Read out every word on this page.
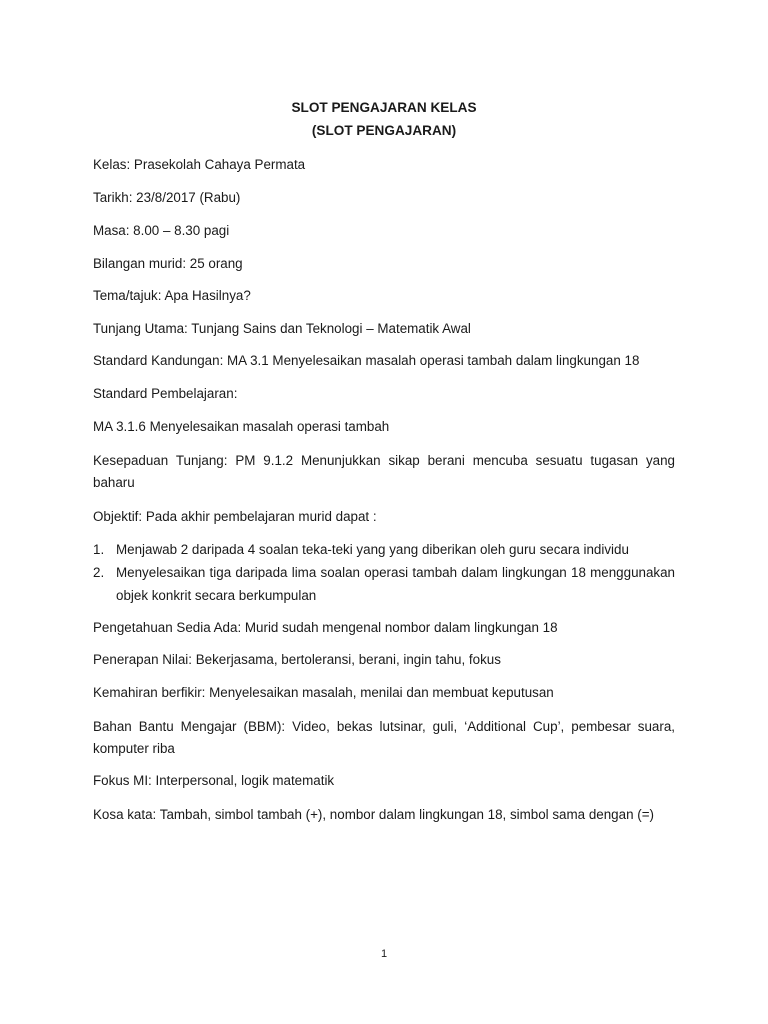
SLOT PENGAJARAN KELAS
(SLOT PENGAJARAN)
Kelas: Prasekolah Cahaya Permata
Tarikh: 23/8/2017 (Rabu)
Masa: 8.00 – 8.30 pagi
Bilangan murid: 25 orang
Tema/tajuk: Apa Hasilnya?
Tunjang Utama: Tunjang Sains dan Teknologi – Matematik Awal
Standard Kandungan: MA 3.1 Menyelesaikan masalah operasi tambah dalam lingkungan 18
Standard Pembelajaran:
MA 3.1.6 Menyelesaikan masalah operasi tambah
Kesepaduan Tunjang: PM 9.1.2 Menunjukkan sikap berani mencuba sesuatu tugasan yang baharu
Objektif: Pada akhir pembelajaran murid dapat :
1. Menjawab 2 daripada 4 soalan teka-teki yang yang diberikan oleh guru secara individu
2. Menyelesaikan tiga daripada lima soalan operasi tambah dalam lingkungan 18 menggunakan objek konkrit secara berkumpulan
Pengetahuan Sedia Ada: Murid sudah mengenal nombor dalam lingkungan 18
Penerapan Nilai: Bekerjasama, bertoleransi, berani, ingin tahu, fokus
Kemahiran berfikir: Menyelesaikan masalah, menilai dan membuat keputusan
Bahan Bantu Mengajar (BBM): Video, bekas lutsinar, guli, ‘Additional Cup’, pembesar suara, komputer riba
Fokus MI: Interpersonal, logik matematik
Kosa kata: Tambah, simbol tambah (+), nombor dalam lingkungan 18, simbol sama dengan (=)
1
